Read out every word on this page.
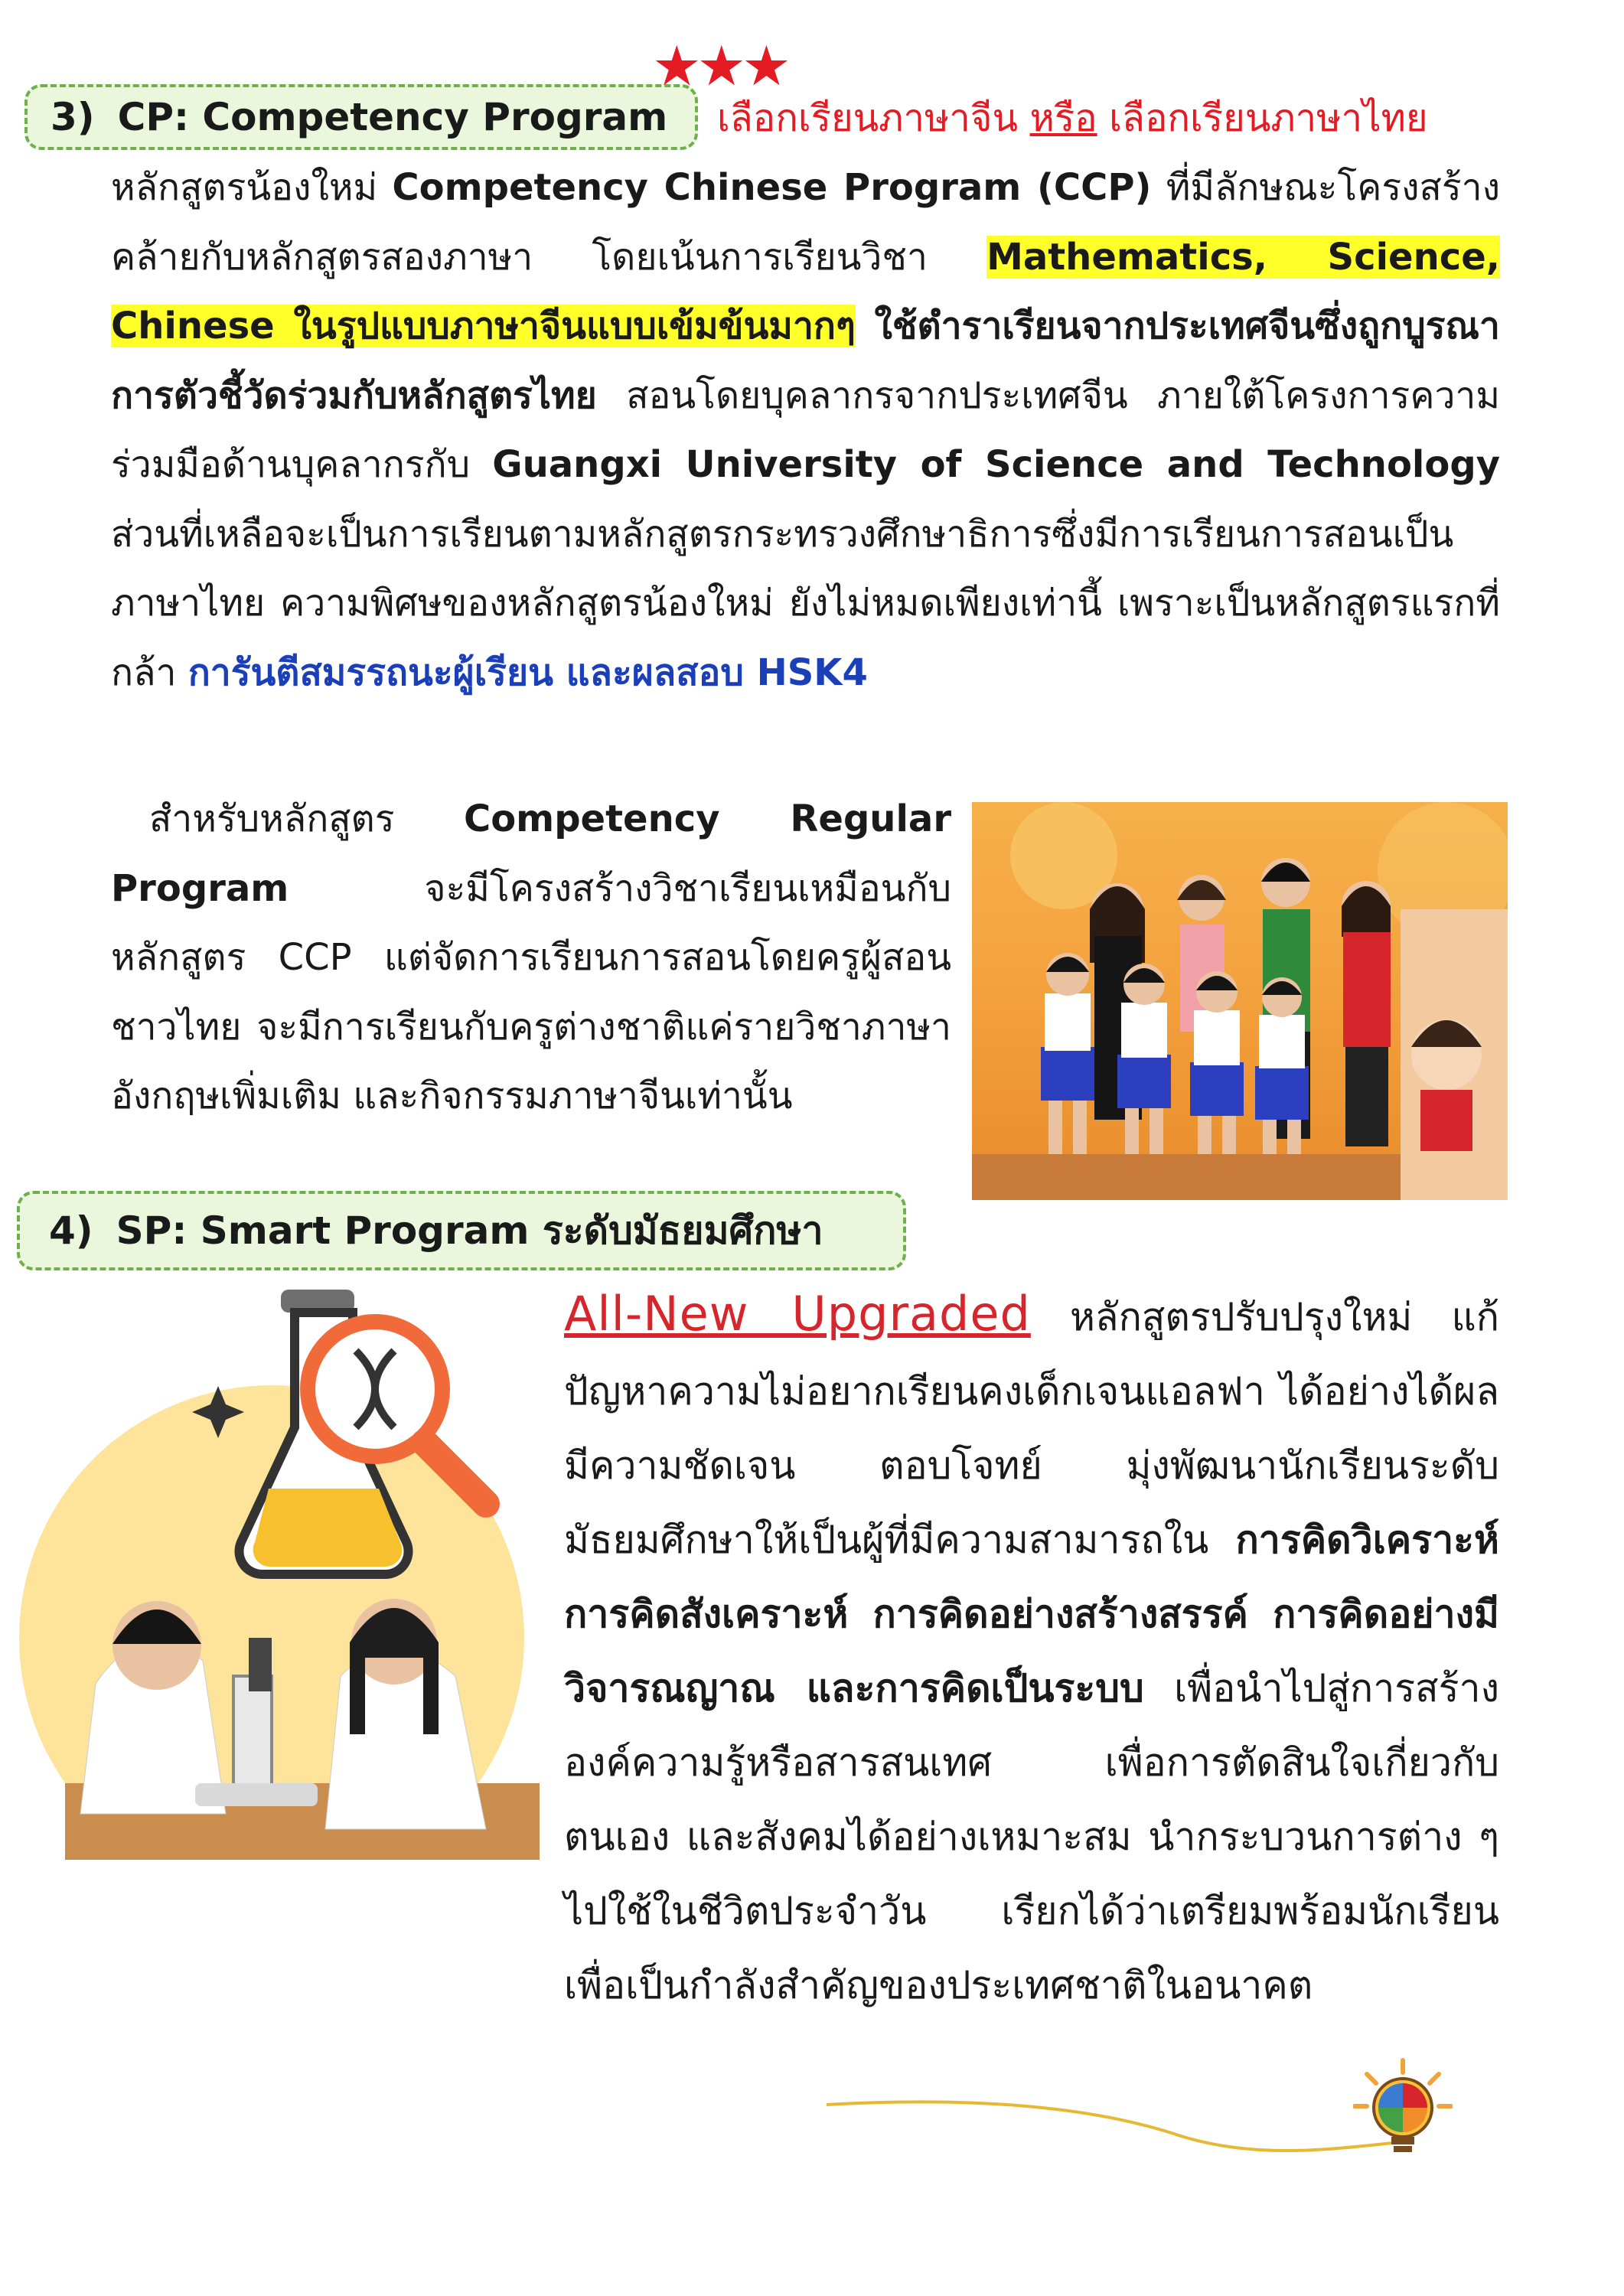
3) CP: Competency Program
★★★
เลือกเรียนภาษาจีน หรือ เลือกเรียนภาษาไทย
หลักสูตรน้องใหม่ Competency Chinese Program (CCP) ที่มีลักษณะโครงสร้างคล้ายกับหลักสูตรสองภาษา โดยเน้นการเรียนวิชา Mathematics, Science, Chinese ในรูปแบบภาษาจีนแบบเข้มข้นมากๆ ใช้ตำราเรียนจากประเทศจีนซึ่งถูกบูรณาการตัวชี้วัดร่วมกับหลักสูตรไทย สอนโดยบุคลากรจากประเทศจีน ภายใต้โครงการความร่วมมือด้านบุคลากรกับ Guangxi University of Science and Technology ส่วนที่เหลือจะเป็นการเรียนตามหลักสูตรกระทรวงศึกษาธิการซึ่งมีการเรียนการสอนเป็นภาษาไทย ความพิศษของหลักสูตรน้องใหม่ ยังไม่หมดเพียงเท่านี้ เพราะเป็นหลักสูตรแรกที่กล้า การันตีสมรรถนะผู้เรียน และผลสอบ HSK4
สำหรับหลักสูตร Competency Regular Program จะมีโครงสร้างวิชาเรียนเหมือนกับหลักสูตร CCP แต่จัดการเรียนการสอนโดยครูผู้สอนชาวไทย จะมีการเรียนกับครูต่างชาติแค่รายวิชาภาษาอังกฤษเพิ่มเติม และกิจกรรมภาษาจีนเท่านั้น
4) SP: Smart Program ระดับมัธยมศึกษา
All-New Upgraded หลักสูตรปรับปรุงใหม่ แก้ปัญหาความไม่อยากเรียนคงเด็กเจนแอลฟา ได้อย่างได้ผล มีความชัดเจน ตอบโจทย์ มุ่งพัฒนานักเรียนระดับมัธยมศึกษาให้เป็นผู้ที่มีความสามารถใน การคิดวิเคราะห์ การคิดสังเคราะห์ การคิดอย่างสร้างสรรค์ การคิดอย่างมีวิจารณญาณ และการคิดเป็นระบบ เพื่อนำไปสู่การสร้างองค์ความรู้หรือสารสนเทศ เพื่อการตัดสินใจเกี่ยวกับตนเอง และสังคมได้อย่างเหมาะสม นำกระบวนการต่าง ๆ ไปใช้ในชีวิตประจำวัน เรียกได้ว่าเตรียมพร้อมนักเรียน เพื่อเป็นกำลังสำคัญของประเทศชาติในอนาคต
